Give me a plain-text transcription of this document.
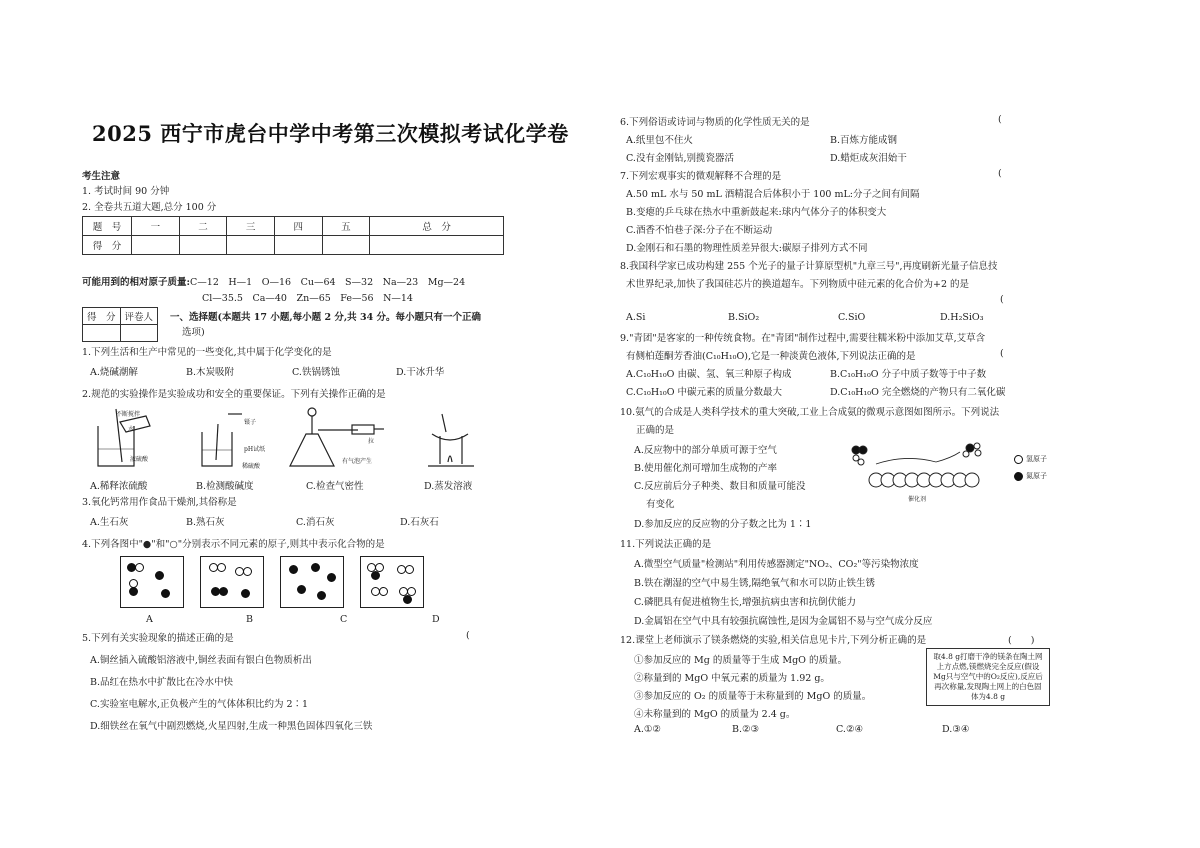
2025 西宁市虎台中学中考第三次模拟考试化学卷
考生注意
1. 考试时间 90 分钟
2. 全卷共五道大题,总分 100 分
题　号	一	二	三	四	五	总　分
得　分						
可能用到的相对原子质量:C—12　H—1　O—16　Cu—64　S—32　Na—23　Mg—24
Cl—35.5　Ca—40　Zn—65　Fe—56　N—14
得　分	评卷人
	一、选择题(本题共 17 小题,每小题 2 分,共 34 分。每小题只有一个正确
选项)
1.下列生活和生产中常见的一些变化,其中属于化学变化的是
A.烧碱潮解	B.木炭吸附	C.铁锅锈蚀	D.干冰升华
2.规范的实验操作是实验成功和安全的重要保证。下列有关操作正确的是
不断搅拌
水
浓硫酸
镊子
pH试纸
稀硫酸
拉
有气泡产生
A.稀释浓硫酸	B.检测酸碱度	C.检查气密性	D.蒸发溶液
3.氧化钙常用作食品干燥剂,其俗称是
A.生石灰	B.熟石灰	C.消石灰	D.石灰石
4.下列各图中"●"和"○"分别表示不同元素的原子,则其中表示化合物的是
A	B	C	D
5.下列有关实验现象的描述正确的是	(
A.铜丝插入硫酸铝溶液中,铜丝表面有银白色物质析出
B.品红在热水中扩散比在冷水中快
C.实验室电解水,正负极产生的气体体积比约为 2∶1
D.细铁丝在氧气中剧烈燃烧,火星四射,生成一种黑色固体四氧化三铁
6.下列俗语或诗词与物质的化学性质无关的是	(
A.纸里包不住火	B.百炼方能成钢
C.没有金刚钻,别揽瓷器活	D.蜡炬成灰泪始干
7.下列宏观事实的微观解释不合理的是	(
A.50 mL 水与 50 mL 酒精混合后体积小于 100 mL:分子之间有间隔
B.变瘪的乒乓球在热水中重新鼓起来:球内气体分子的体积变大
C.酒香不怕巷子深:分子在不断运动
D.金刚石和石墨的物理性质差异很大:碳原子排列方式不同
8.我国科学家已成功构建 255 个光子的量子计算原型机"九章三号",再度刷新光量子信息技
术世界纪录,加快了我国硅芯片的换道超车。下列物质中硅元素的化合价为+2 的是
(
A.Si	B.SiO₂	C.SiO	D.H₂SiO₃
9."青团"是客家的一种传统食物。在"青团"制作过程中,需要往糯米粉中添加艾草,艾草含
有侧柏莲酮芳香油(C₁₀H₁₀O),它是一种淡黄色液体,下列说法正确的是	(
A.C₁₀H₁₀O 由碳、氢、氧三种原子构成	B.C₁₀H₁₀O 分子中质子数等于中子数
C.C₁₀H₁₀O 中碳元素的质量分数最大	D.C₁₀H₁₀O 完全燃烧的产物只有二氧化碳
10.氨气的合成是人类科学技术的重大突破,工业上合成氨的微观示意图如图所示。下列说法
正确的是
A.反应物中的部分单质可源于空气
B.使用催化剂可增加生成物的产率
C.反应前后分子种类、数目和质量可能没
有变化
D.参加反应的反应物的分子数之比为 1∶1
催化剂
氢原子
氮原子
11.下列说法正确的是
A.微型空气质量"检测站"利用传感器测定"NO₂、CO₂"等污染物浓度
B.铁在潮湿的空气中易生锈,隔绝氧气和水可以防止铁生锈
C.磷肥具有促进植物生长,增强抗病虫害和抗倒伏能力
D.金属铝在空气中具有较强抗腐蚀性,是因为金属铝不易与空气成分反应
12.课堂上老师演示了镁条燃烧的实验,相关信息见卡片,下列分析正确的是	(　　)
①参加反应的 Mg 的质量等于生成 MgO 的质量。
②称量到的 MgO 中氧元素的质量为 1.92 g。
③参加反应的 O₂ 的质量等于未称量到的 MgO 的质量。
④未称量到的 MgO 的质量为 2.4 g。
取4.8 g打磨干净的镁条在陶土网上方点燃,镁燃烧完全反应(假设Mg只与空气中的O₂反应),反应后再次称量,发现陶土网上的白色固体为4.8 g
A.①②	B.②③	C.②④	D.③④
